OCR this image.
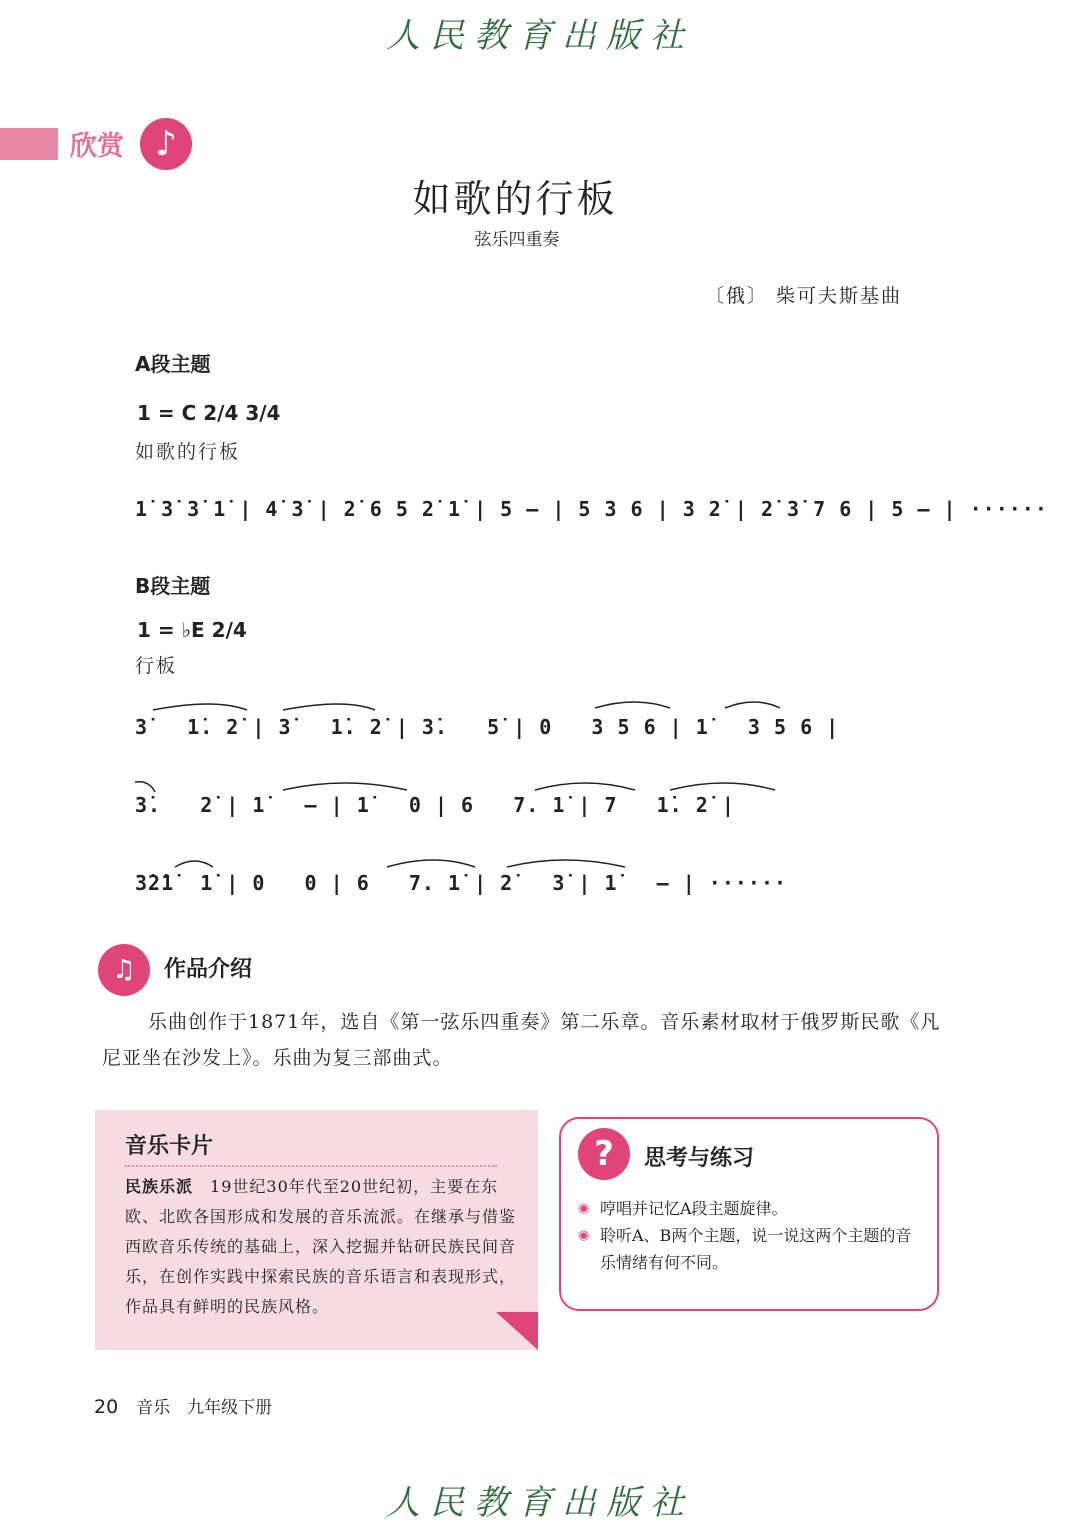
人民教育出版社
欣赏 ♪
如歌的行板
弦乐四重奏
〔俄〕 柴可夫斯基曲
A段主题
1 = C 2/4 3/4
如歌的行板
1̇ 3̇ 3̇ 1̇ | 4̇ 3̇ | 2̇ 6 5 2̇ 1̇ | 5 – | 5 3 6 | 3 2̇ | 2̇ 3̇ 7 6 | 5 – | ······
B段主题
1 = ♭E 2/4
行板
3̇   1̇. 2̇ | 3̇   1̇. 2̇ | 3̇.   5̇ | 0   3 5 6 | 1̇   3 5 6 |
3̇.   2̇ | 1̇   – | 1̇   0 | 6   7. 1̇ | 7   1̇. 2̇ |
3̇2̇1̇  1̇ | 0   0 | 6   7. 1̇ | 2̇   3̇ | 1̇   – | ······
♫	作品介绍
乐曲创作于1871年，选自《第一弦乐四重奏》第二乐章。音乐素材取材于俄罗斯民歌《凡尼亚坐在沙发上》。乐曲为复三部曲式。
音乐卡片
民族乐派　 19世纪30年代至20世纪初，主要在东欧、北欧各国形成和发展的音乐流派。在继承与借鉴西欧音乐传统的基础上，深入挖掘并钻研民族民间音乐，在创作实践中探索民族的音乐语言和表现形式，作品具有鲜明的民族风格。
?	思考与练习
◉ 哼唱并记忆A段主题旋律。
◉ 聆听A、B两个主题，说一说这两个主题的音乐情绪有何不同。
20 音乐　九年级下册
人民教育出版社
